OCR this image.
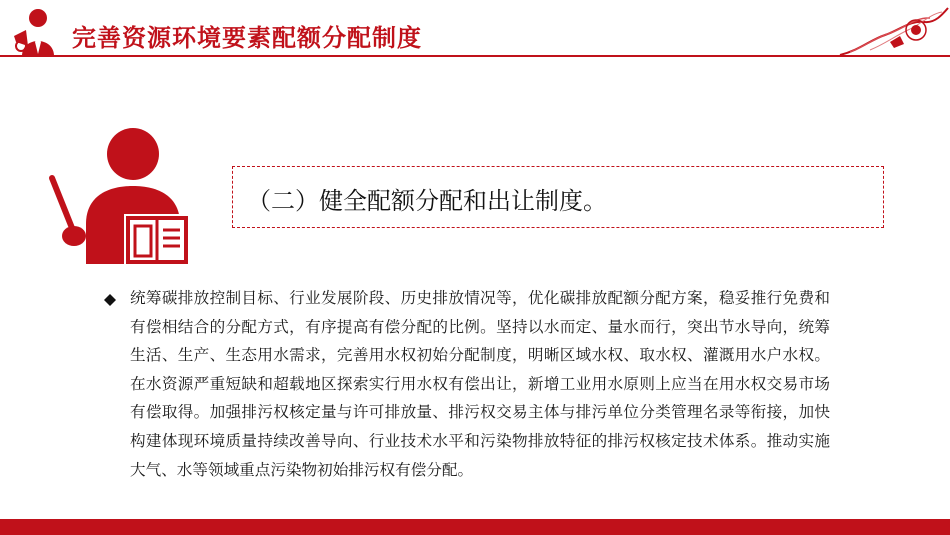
完善资源环境要素配额分配制度
（二）健全配额分配和出让制度。
统筹碳排放控制目标、行业发展阶段、历史排放情况等，优化碳排放配额分配方案，稳妥推行免费和有偿相结合的分配方式，有序提高有偿分配的比例。坚持以水而定、量水而行，突出节水导向，统筹生活、生产、生态用水需求，完善用水权初始分配制度，明晰区域水权、取水权、灌溉用水户水权。在水资源严重短缺和超载地区探索实行用水权有偿出让，新增工业用水原则上应当在用水权交易市场有偿取得。加强排污权核定量与许可排放量、排污权交易主体与排污单位分类管理名录等衔接，加快构建体现环境质量持续改善导向、行业技术水平和污染物排放特征的排污权核定技术体系。推动实施大气、水等领域重点污染物初始排污权有偿分配。
